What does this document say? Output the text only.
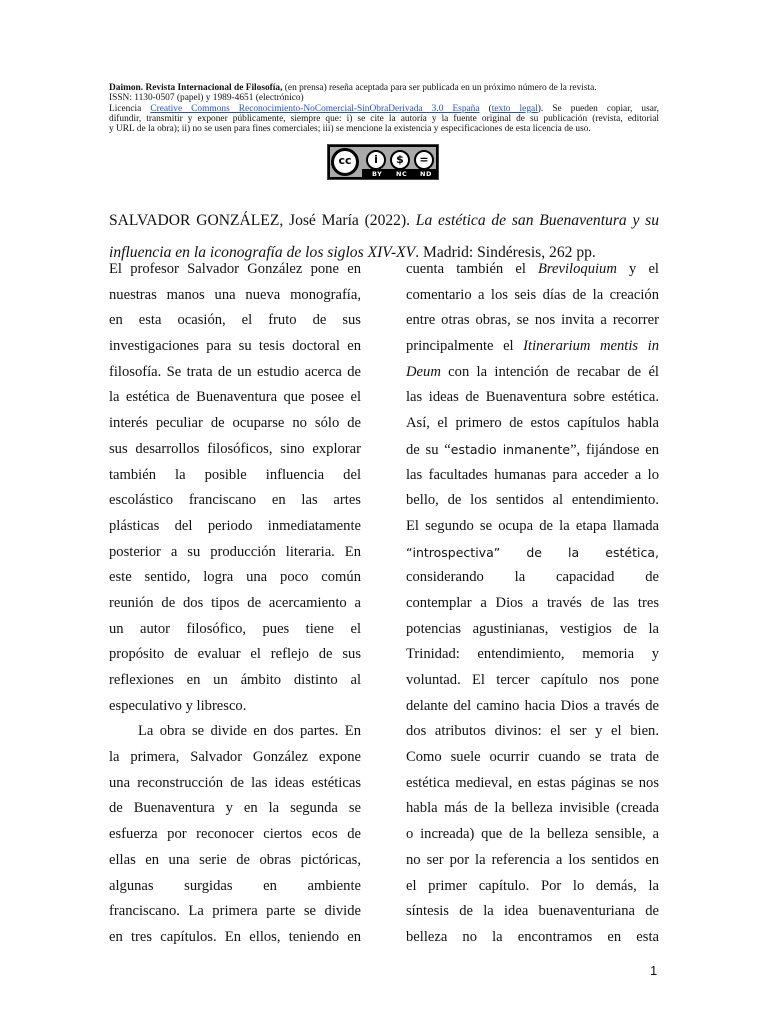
Daimon. Revista Internacional de Filosofía, (en prensa) reseña aceptada para ser publicada en un próximo número de la revista.
ISSN: 1130-0507 (papel) y 1989-4651 (electrónico)
Licencia Creative Commons Reconocimiento-NoComercial-SinObraDerivada 3.0 España (texto legal). Se pueden copiar, usar,
difundir, transmitir y exponer públicamente, siempre que: i) se cite la autoría y la fuente original de su publicación (revista, editorial
y URL de la obra); ii) no se usen para fines comerciales; iii) se mencione la existencia y especificaciones de esta licencia de uso.
cc	i	$	=
BY NC ND
SALVADOR GONZÁLEZ, José María (2022). La estética de san Buenaventura y su
influencia en la iconografía de los siglos XIV-XV. Madrid: Sindéresis, 262 pp.
El profesor Salvador González pone en
nuestras manos una nueva monografía,
en esta ocasión, el fruto de sus
investigaciones para su tesis doctoral en
filosofía. Se trata de un estudio acerca de
la estética de Buenaventura que posee el
interés peculiar de ocuparse no sólo de
sus desarrollos filosóficos, sino explorar
también la posible influencia del
escolástico franciscano en las artes
plásticas del periodo inmediatamente
posterior a su producción literaria. En
este sentido, logra una poco común
reunión de dos tipos de acercamiento a
un autor filosófico, pues tiene el
propósito de evaluar el reflejo de sus
reflexiones en un ámbito distinto al
especulativo y libresco.
La obra se divide en dos partes. En
la primera, Salvador González expone
una reconstrucción de las ideas estéticas
de Buenaventura y en la segunda se
esfuerza por reconocer ciertos ecos de
ellas en una serie de obras pictóricas,
algunas surgidas en ambiente
franciscano. La primera parte se divide
en tres capítulos. En ellos, teniendo en
cuenta también el Breviloquium y el
comentario a los seis días de la creación
entre otras obras, se nos invita a recorrer
principalmente el Itinerarium mentis in
Deum con la intención de recabar de él
las ideas de Buenaventura sobre estética.
Así, el primero de estos capítulos habla
de su “estadio inmanente”, fijándose en
las facultades humanas para acceder a lo
bello, de los sentidos al entendimiento.
El segundo se ocupa de la etapa llamada
“introspectiva” de la estética,
considerando la capacidad de
contemplar a Dios a través de las tres
potencias agustinianas, vestigios de la
Trinidad: entendimiento, memoria y
voluntad. El tercer capítulo nos pone
delante del camino hacia Dios a través de
dos atributos divinos: el ser y el bien.
Como suele ocurrir cuando se trata de
estética medieval, en estas páginas se nos
habla más de la belleza invisible (creada
o increada) que de la belleza sensible, a
no ser por la referencia a los sentidos en
el primer capítulo. Por lo demás, la
síntesis de la idea buenaventuriana de
belleza no la encontramos en esta
1
